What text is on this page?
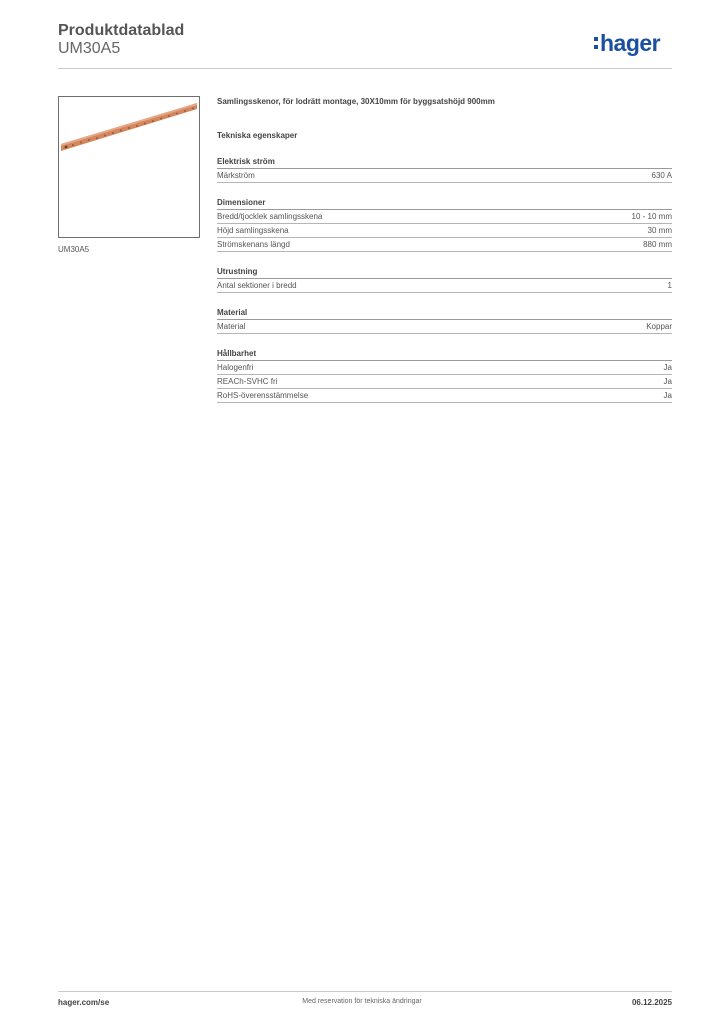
Produktdatablad
UM30A5	hager
UM30A5
Samlingsskenor, för lodrätt montage, 30X10mm för byggsatshöjd 900mm
Tekniska egenskaper
Elektrisk ström
Märkström	630 A
Dimensioner
Bredd/tjocklek samlingsskena	10 - 10 mm
Höjd samlingsskena	30 mm
Strömskenans längd	880 mm
Utrustning
Antal sektioner i bredd	1
Material
Material	Koppar
Hållbarhet
Halogenfri	Ja
REACh-SVHC fri	Ja
RoHS-överensstämmelse	Ja
hager.com/se	Med reservation för tekniska ändringar	06.12.2025
